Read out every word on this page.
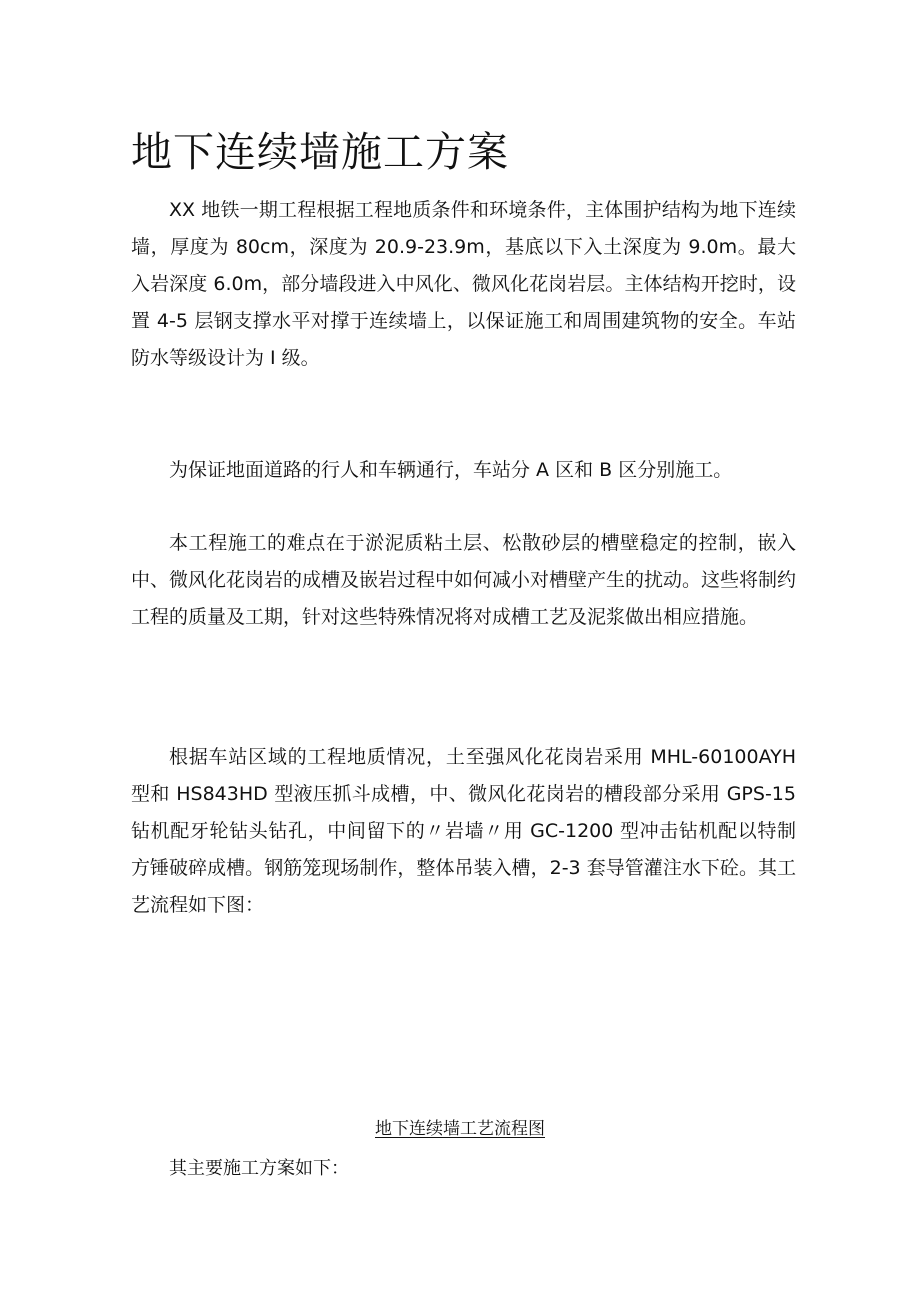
地下连续墙施工方案

XX 地铁一期工程根据工程地质条件和环境条件，主体围护结构为地下连续墙，厚度为 80cm，深度为 20.9-23.9m，基底以下入土深度为 9.0m。最大入岩深度 6.0m，部分墙段进入中风化、微风化花岗岩层。主体结构开挖时，设置 4-5 层钢支撑水平对撑于连续墙上，以保证施工和周围建筑物的安全。车站防水等级设计为 I 级。

为保证地面道路的行人和车辆通行，车站分 A 区和 B 区分别施工。

本工程施工的难点在于淤泥质粘土层、松散砂层的槽壁稳定的控制，嵌入中、微风化花岗岩的成槽及嵌岩过程中如何减小对槽壁产生的扰动。这些将制约工程的质量及工期，针对这些特殊情况将对成槽工艺及泥浆做出相应措施。

根据车站区域的工程地质情况，土至强风化花岗岩采用 MHL-60100AYH 型和 HS843HD 型液压抓斗成槽，中、微风化花岗岩的槽段部分采用 GPS-15 钻机配牙轮钻头钻孔，中间留下的〃岩墙〃用 GC-1200 型冲击钻机配以特制方锤破碎成槽。钢筋笼现场制作，整体吊装入槽，2-3 套导管灌注水下砼。其工艺流程如下图：

地下连续墙工艺流程图

其主要施工方案如下：
